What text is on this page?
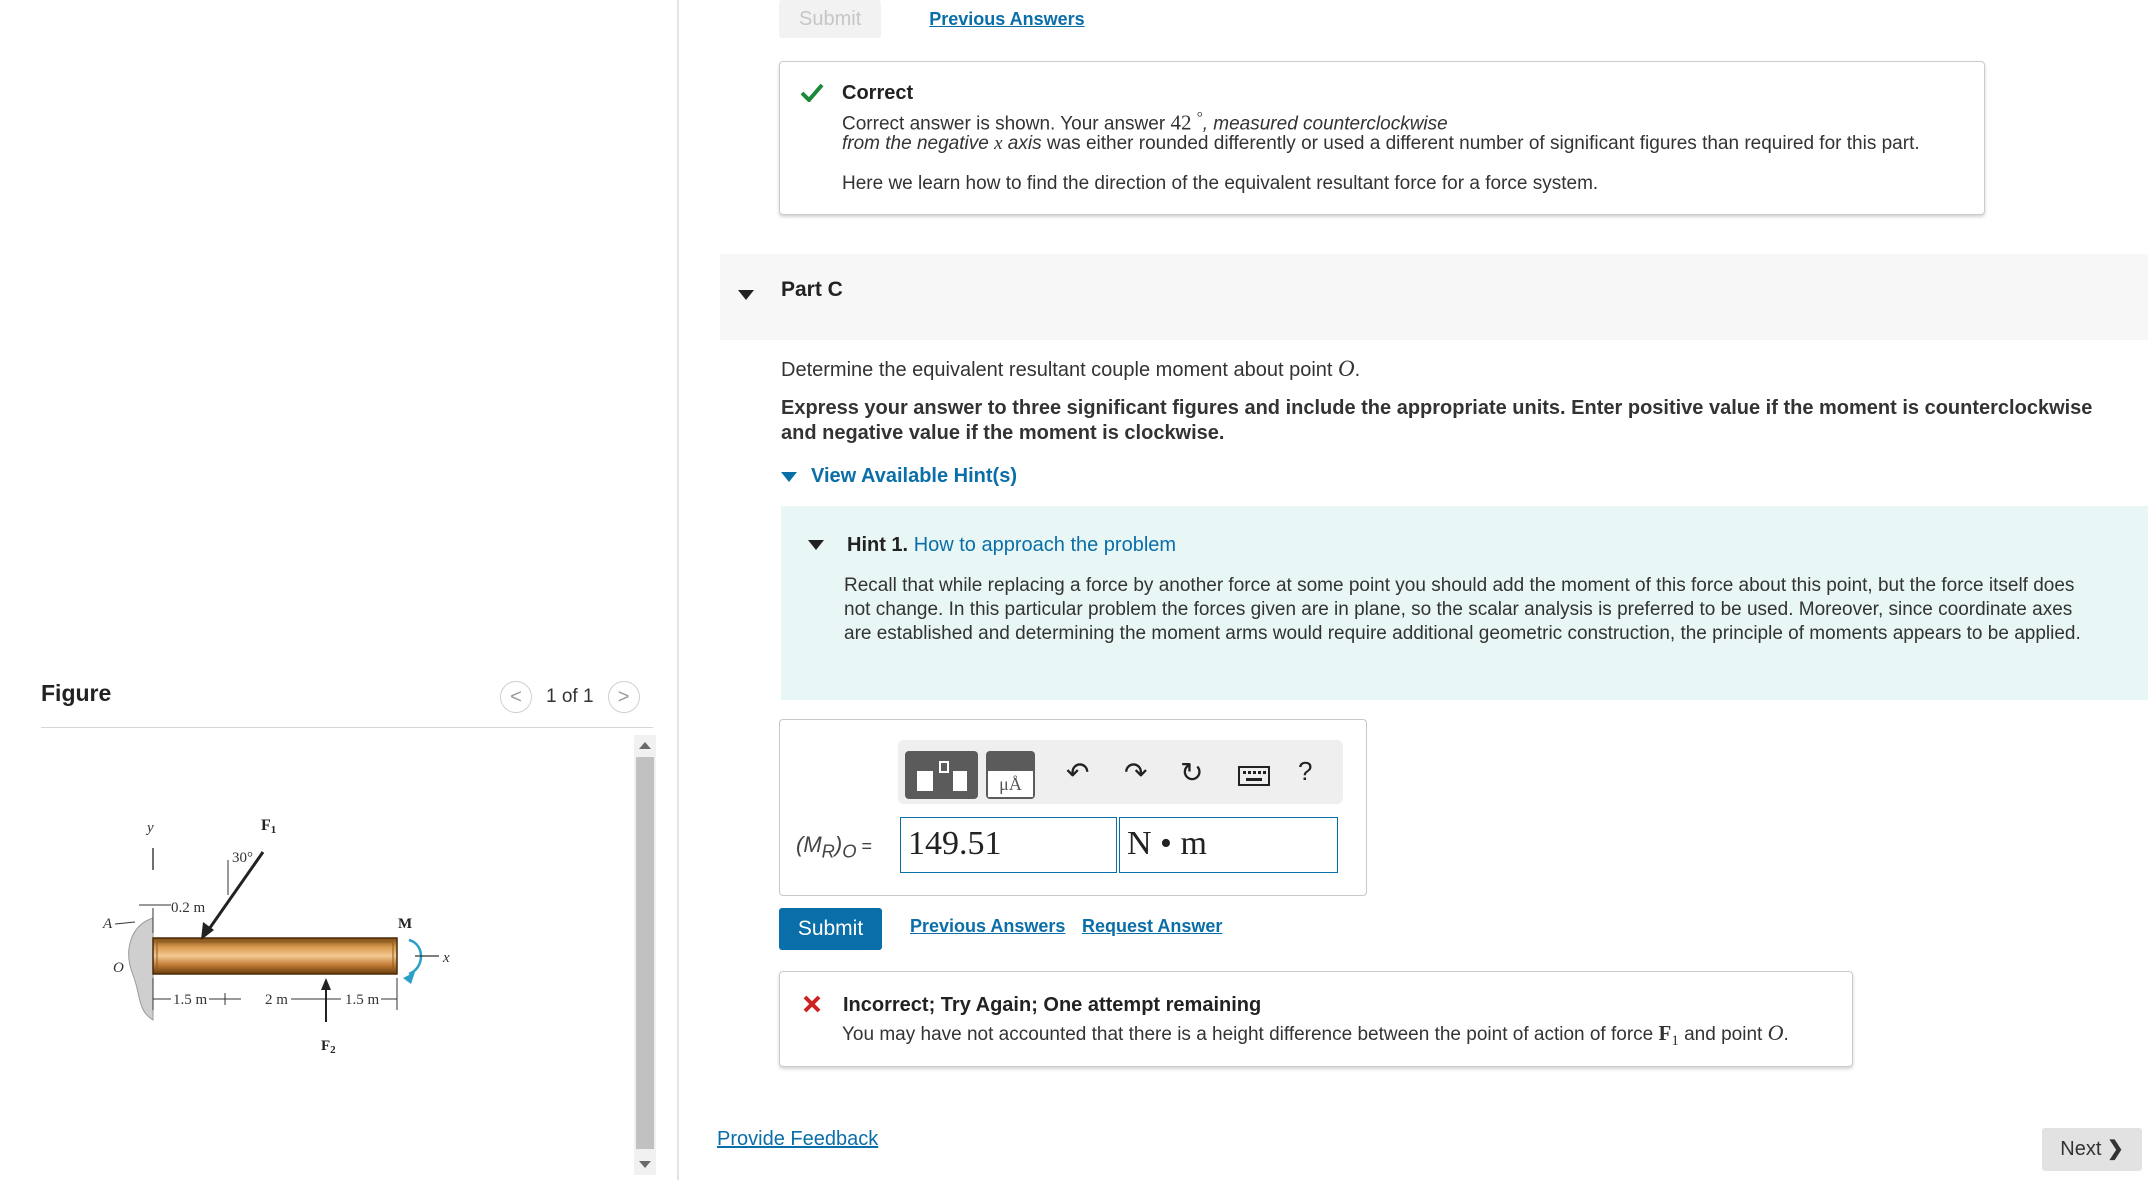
Figure	< 1 of 1 >
y
0.2 m
A
F1
30°
M
x
O
1.5 m	2 m	1.5 m
$F_2$
Submit	Previous Answers
Correct
Correct answer is shown. Your answer 42 °, measured counterclockwise
from the negative x axis was either rounded differently or used a different number of significant figures than required for this part.
Here we learn how to find the direction of the equivalent resultant force for a force system.
Part C
Determine the equivalent resultant couple moment about point O.
Express your answer to three significant figures and include the appropriate units. Enter positive value if the moment is counterclockwise and negative value if the moment is clockwise.
View Available Hint(s)
Hint 1. How to approach the problem
Recall that while replacing a force by another force at some point you should add the moment of this force about this point, but the force itself does not change. In this particular problem the forces given are in plane, so the scalar analysis is preferred to be used. Moreover, since coordinate axes are established and determining the moment arms would require additional geometric construction, the principle of moments appears to be applied.
μÅ	↶ ↷ ↻	?
$(M_R)_O = 149.51$	N • m
Submit	Previous Answers Request Answer
Incorrect; Try Again; One attempt remaining
You may have not accounted that there is a height difference between the point of action of force $F_1$ and point O.
Provide Feedback	Next ❯
